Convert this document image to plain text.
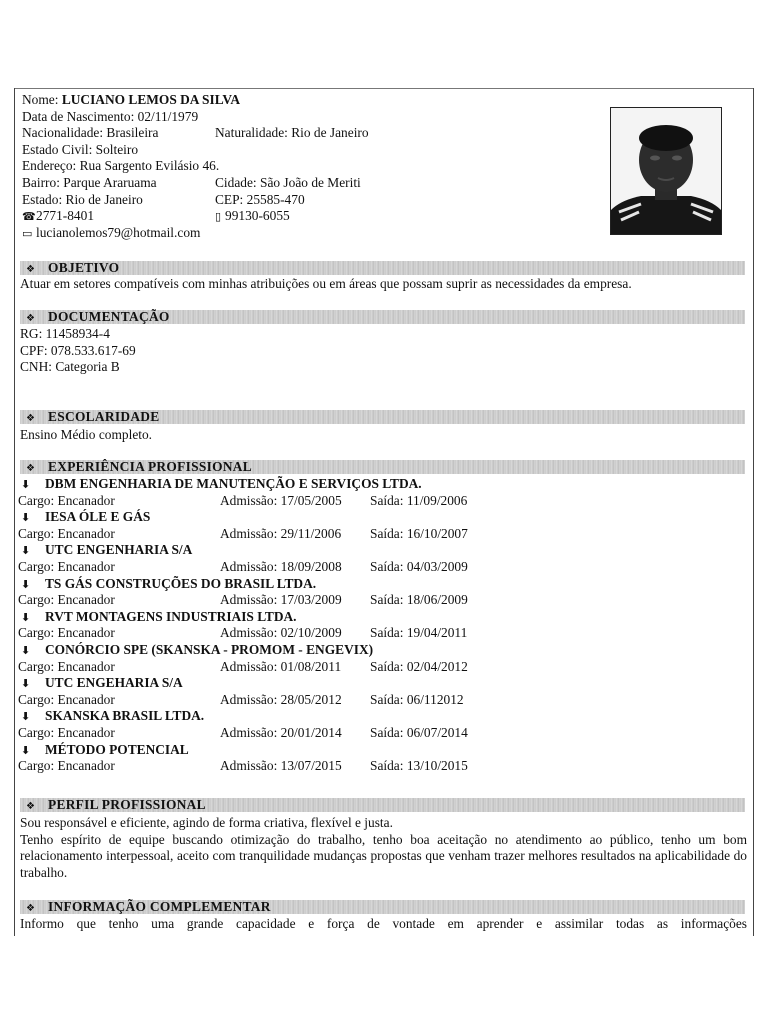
Nome: LUCIANO LEMOS DA SILVA
Data de Nascimento: 02/11/1979
Nacionalidade: Brasileira	Naturalidade: Rio de Janeiro
Estado Civil: Solteiro
Endereço: Rua Sargento Evilásio 46.
Bairro: Parque Araruama	Cidade: São João de Meriti
Estado: Rio de Janeiro	CEP: 25585-470
☎2771-8401	▯ 99130-6055
▭ lucianolemos79@hotmail.com
❖ OBJETIVO
Atuar em setores compatíveis com minhas atribuições ou em áreas que possam suprir as necessidades da empresa.
❖ DOCUMENTAÇÃO
RG: 11458934-4
CPF: 078.533.617-69
CNH: Categoria B
❖ ESCOLARIDADE
Ensino Médio completo.
❖ EXPERIÊNCIA PROFISSIONAL
⬇ DBM ENGENHARIA DE MANUTENÇÃO E SERVIÇOS LTDA.
Cargo: Encanador	Admissão: 17/05/2005 Saída: 11/09/2006
⬇ IESA ÓLE E GÁS
Cargo: Encanador	Admissão: 29/11/2006 Saída: 16/10/2007
⬇ UTC ENGENHARIA S/A
Cargo: Encanador	Admissão: 18/09/2008 Saída: 04/03/2009
⬇ TS GÁS CONSTRUÇÕES DO BRASIL LTDA.
Cargo: Encanador	Admissão: 17/03/2009 Saída: 18/06/2009
⬇ RVT MONTAGENS INDUSTRIAIS LTDA.
Cargo: Encanador	Admissão: 02/10/2009 Saída: 19/04/2011
⬇ CONÓRCIO SPE (SKANSKA - PROMOM - ENGEVIX)
Cargo: Encanador	Admissão: 01/08/2011 Saída: 02/04/2012
⬇ UTC ENGEHARIA S/A
Cargo: Encanador	Admissão: 28/05/2012 Saída: 06/112012
⬇ SKANSKA BRASIL LTDA.
Cargo: Encanador	Admissão: 20/01/2014 Saída: 06/07/2014
⬇ MÉTODO POTENCIAL
Cargo: Encanador	Admissão: 13/07/2015 Saída: 13/10/2015
❖ PERFIL PROFISSIONAL
Sou responsável e eficiente, agindo de forma criativa, flexível e justa.
Tenho espírito de equipe buscando otimização do trabalho, tenho boa aceitação no atendimento ao público, tenho um bom relacionamento interpessoal, aceito com tranquilidade mudanças propostas que venham trazer melhores resultados na aplicabilidade do trabalho.
❖ INFORMAÇÃO COMPLEMENTAR
Informo que tenho uma grande capacidade e força de vontade em aprender e assimilar todas as informações
